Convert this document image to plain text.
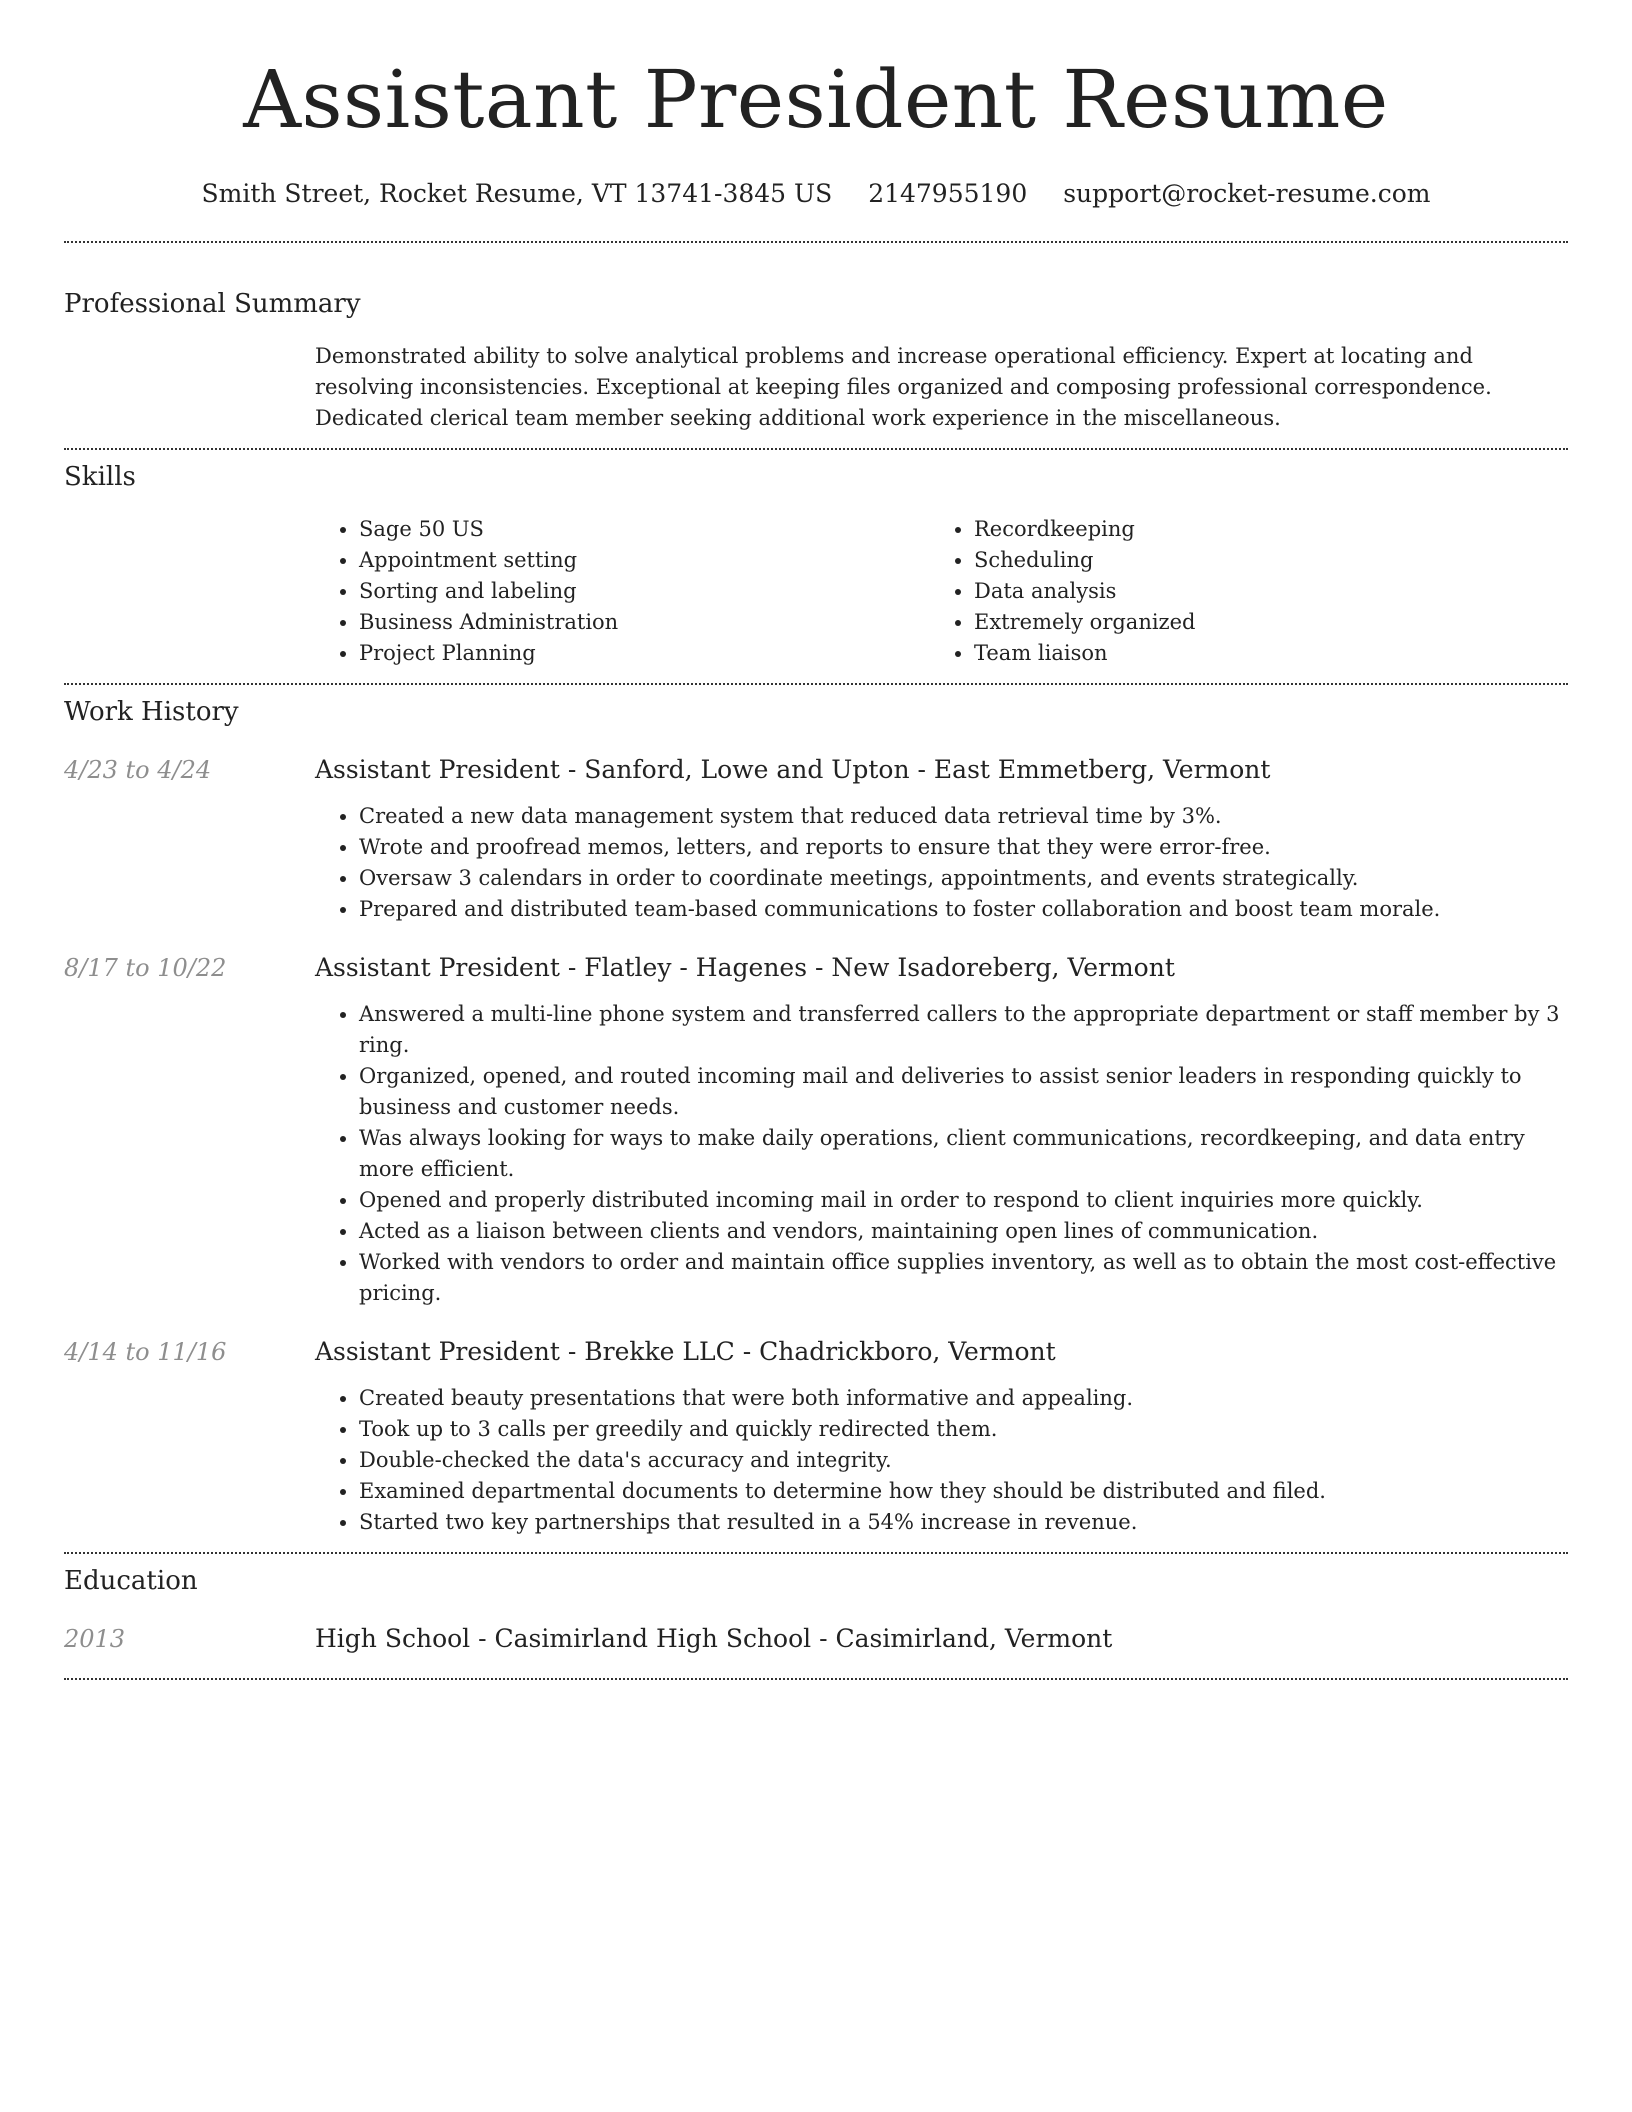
Assistant President Resume
Smith Street, Rocket Resume, VT 13741-3845 US 2147955190 support@rocket-resume.com
Professional Summary

Demonstrated ability to solve analytical problems and increase operational efficiency. Expert at locating and resolving inconsistencies. Exceptional at keeping files organized and composing professional correspondence. Dedicated clerical team member seeking additional work experience in the miscellaneous.

Skills
• Sage 50 US
• Appointment setting
• Sorting and labeling
• Business Administration
• Project Planning
• Recordkeeping
• Scheduling
• Data analysis
• Extremely organized
• Team liaison
Work History
4/23 to 4/24	Assistant President - Sanford, Lowe and Upton - East Emmetberg, Vermont
• Created a new data management system that reduced data retrieval time by 3%.
• Wrote and proofread memos, letters, and reports to ensure that they were error-free.
• Oversaw 3 calendars in order to coordinate meetings, appointments, and events strategically.
• Prepared and distributed team-based communications to foster collaboration and boost team morale.
8/17 to 10/22	Assistant President - Flatley - Hagenes - New Isadoreberg, Vermont
• Answered a multi-line phone system and transferred callers to the appropriate department or staff member by 3 ring.
• Organized, opened, and routed incoming mail and deliveries to assist senior leaders in responding quickly to business and customer needs.
• Was always looking for ways to make daily operations, client communications, recordkeeping, and data entry more efficient.
• Opened and properly distributed incoming mail in order to respond to client inquiries more quickly.
• Acted as a liaison between clients and vendors, maintaining open lines of communication.
• Worked with vendors to order and maintain office supplies inventory, as well as to obtain the most cost-effective pricing.
4/14 to 11/16	Assistant President - Brekke LLC - Chadrickboro, Vermont
• Created beauty presentations that were both informative and appealing.
• Took up to 3 calls per greedily and quickly redirected them.
• Double-checked the data's accuracy and integrity.
• Examined departmental documents to determine how they should be distributed and filed.
• Started two key partnerships that resulted in a 54% increase in revenue.
Education
2013	High School - Casimirland High School - Casimirland, Vermont
